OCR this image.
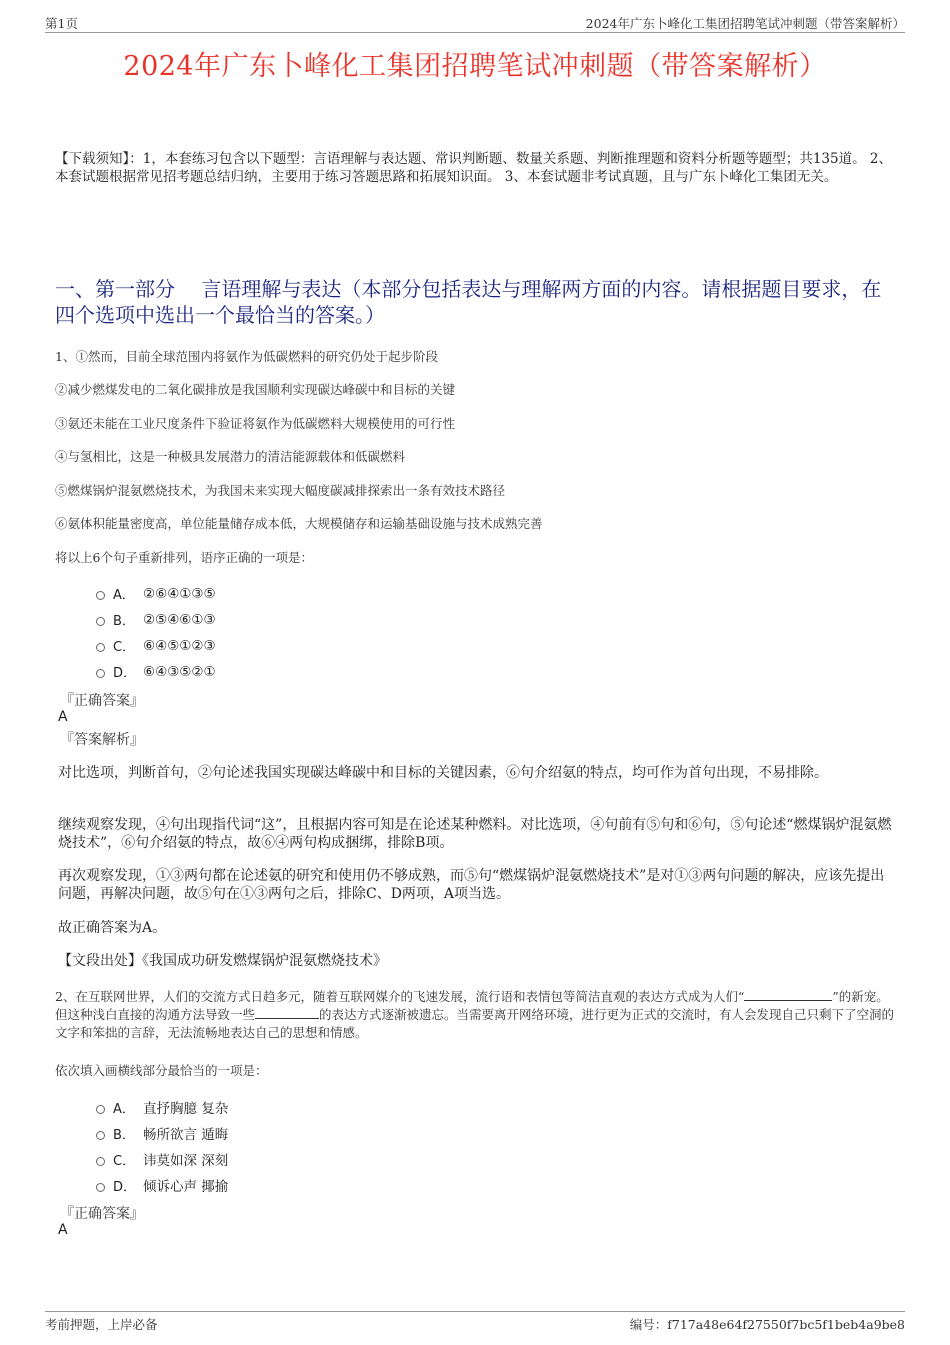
第1页	2024年广东卜峰化工集团招聘笔试冲刺题（带答案解析）
2024年广东卜峰化工集团招聘笔试冲刺题（带答案解析）
【下载须知】：1，本套练习包含以下题型：言语理解与表达题、常识判断题、数量关系题、判断推理题和资料分析题等题型；共135道。 2、本套试题根据常见招考题总结归纳，主要用于练习答题思路和拓展知识面。 3、本套试题非考试真题，且与广东卜峰化工集团无关。
一、第一部分　 言语理解与表达（本部分包括表达与理解两方面的内容。请根据题目要求，在四个选项中选出一个最恰当的答案。）
1、①然而，目前全球范围内将氨作为低碳燃料的研究仍处于起步阶段
②减少燃煤发电的二氧化碳排放是我国顺利实现碳达峰碳中和目标的关键
③氨还未能在工业尺度条件下验证将氨作为低碳燃料大规模使用的可行性
④与氢相比，这是一种极具发展潜力的清洁能源载体和低碳燃料
⑤燃煤锅炉混氨燃烧技术，为我国未来实现大幅度碳减排探索出一条有效技术路径
⑥氨体积能量密度高，单位能量储存成本低，大规模储存和运输基础设施与技术成熟完善
将以上6个句子重新排列，语序正确的一项是：
A． ②⑥④①③⑤
B． ②⑤④⑥①③
C． ⑥④⑤①②③
D． ⑥④③⑤②①
『正确答案』
A
『答案解析』
对比选项，判断首句，②句论述我国实现碳达峰碳中和目标的关键因素，⑥句介绍氨的特点，均可作为首句出现，不易排除。
继续观察发现，④句出现指代词“这”，且根据内容可知是在论述某种燃料。对比选项，④句前有⑤句和⑥句，⑤句论述“燃煤锅炉混氨燃烧技术”，⑥句介绍氨的特点，故⑥④两句构成捆绑，排除B项。
再次观察发现，①③两句都在论述氨的研究和使用仍不够成熟，而⑤句“燃煤锅炉混氨燃烧技术”是对①③两句问题的解决，应该先提出问题，再解决问题，故⑤句在①③两句之后，排除C、D两项，A项当选。
故正确答案为A。
【文段出处】《我国成功研发燃煤锅炉混氨燃烧技术》
2、在互联网世界，人们的交流方式日趋多元，随着互联网媒介的飞速发展，流行语和表情包等简洁直观的表达方式成为人们“	”的新宠。但这种浅白直接的沟通方法导致一些	的表达方式逐渐被遗忘。当需要离开网络环境，进行更为正式的交流时，有人会发现自己只剩下了空洞的文字和笨拙的言辞，无法流畅地表达自己的思想和情感。
依次填入画横线部分最恰当的一项是：
A． 直抒胸臆 复杂
B． 畅所欲言 遁晦
C． 讳莫如深 深刻
D． 倾诉心声 揶揄
『正确答案』
A
考前押题，上岸必备	编号：f717a48e64f27550f7bc5f1beb4a9be8
